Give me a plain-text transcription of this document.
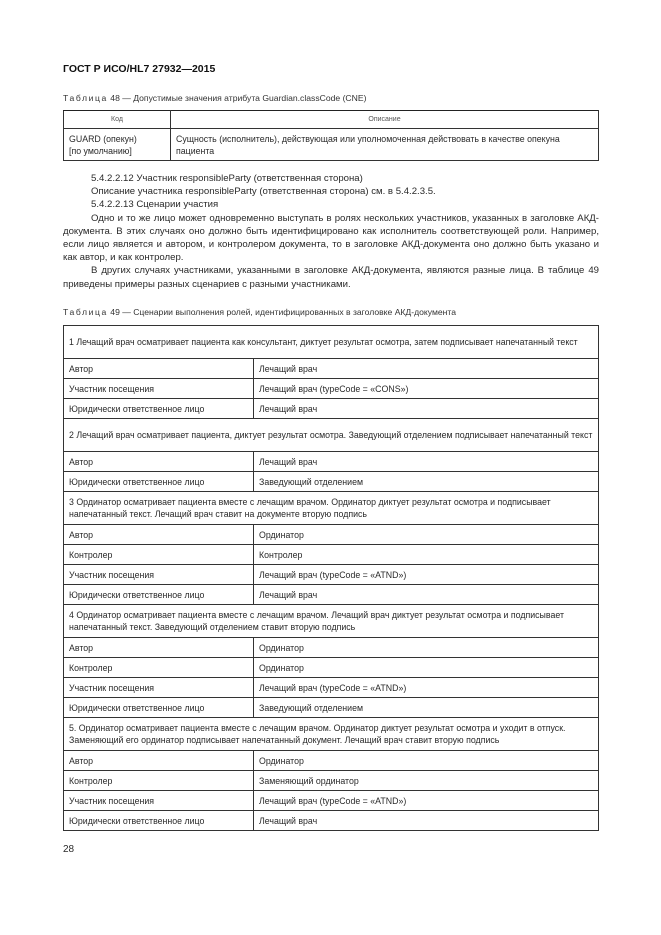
ГОСТ Р ИСО/HL7 27932—2015
Таблица 48 — Допустимые значения атрибута Guardian.classCode (CNE)
Код	Описание
GUARD (опекун)
[по умолчанию]	Сущность (исполнитель), действующая или уполномоченная действовать в качестве опекуна пациента

5.4.2.2.12 Участник responsibleParty (ответственная сторона)

Описание участника responsibleParty (ответственная сторона) см. в 5.4.2.3.5.

5.4.2.2.13 Сценарии участия

Одно и то же лицо может одновременно выступать в ролях нескольких участников, указанных в заголовке АКД-документа. В этих случаях оно должно быть идентифицировано как исполнитель соответствующей роли. Например, если лицо является и автором, и контролером документа, то в заголовке АКД-документа оно должно быть указано и как автор, и как контролер.

В других случаях участниками, указанными в заголовке АКД-документа, являются разные лица. В таблице 49 приведены примеры разных сценариев с разными участниками.

Таблица 49 — Сценарии выполнения ролей, идентифицированных в заголовке АКД-документа
1 Лечащий врач осматривает пациента как консультант, диктует результат осмотра, затем подписывает напечатанный текст	
Автор	Лечащий врач
Участник посещения	Лечащий врач (typeCode = «CONS»)
Юридически ответственное лицо	Лечащий врач
2 Лечащий врач осматривает пациента, диктует результат осмотра. Заведующий отделением подписывает напечатанный текст	
Автор	Лечащий врач
Юридически ответственное лицо	Заведующий отделением
3 Ординатор осматривает пациента вместе с лечащим врачом. Ординатор диктует результат осмотра и подписывает напечатанный текст. Лечащий врач ставит на документе вторую подпись	
Автор	Ординатор
Контролер	Контролер
Участник посещения	Лечащий врач (typeCode = «ATND»)
Юридически ответственное лицо	Лечащий врач
4 Ординатор осматривает пациента вместе с лечащим врачом. Лечащий врач диктует результат осмотра и подписывает напечатанный текст. Заведующий отделением ставит вторую подпись	
Автор	Ординатор
Контролер	Ординатор
Участник посещения	Лечащий врач (typeCode = «ATND»)
Юридически ответственное лицо	Заведующий отделением
5. Ординатор осматривает пациента вместе с лечащим врачом. Ординатор диктует результат осмотра и уходит в отпуск. Заменяющий его ординатор подписывает напечатанный документ. Лечащий врач ставит вторую подпись	
Автор	Ординатор
Контролер	Заменяющий ординатор
Участник посещения	Лечащий врач (typeCode = «ATND»)
Юридически ответственное лицо	Лечащий врач
28
